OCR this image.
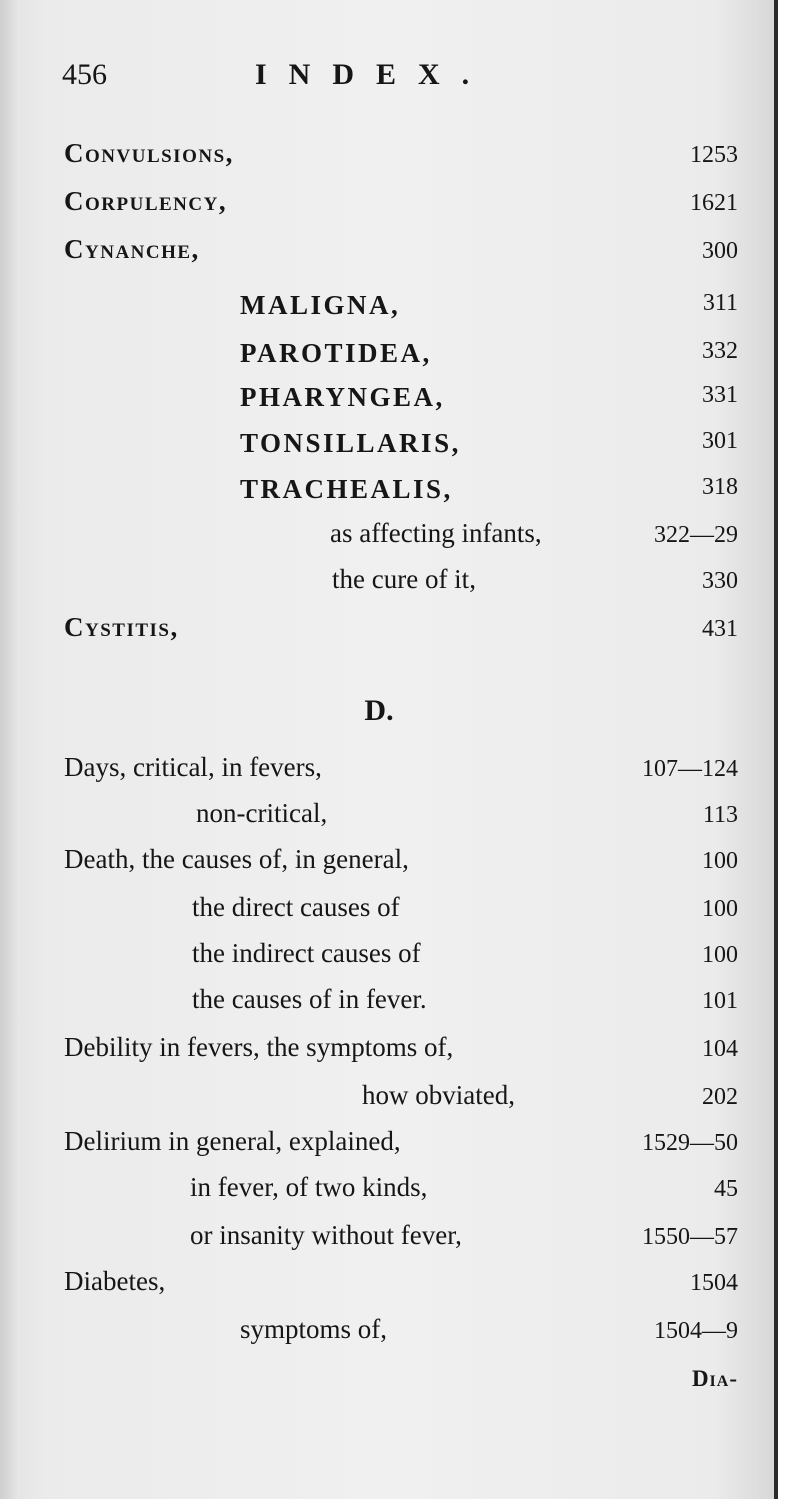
456	INDEX.
Convulsions,	1253
Corpulency,	1621
Cynanche,	300
MALIGNA,	311
PAROTIDEA,	332
PHARYNGEA,	331
TONSILLARIS,	301
TRACHEALIS,	318
as affecting infants,	322—29
the cure of it,	330
Cystitis,	431
D.
Days, critical, in fevers,	107—124
non-critical,	113
Death, the causes of, in general,	100
the direct causes of	100
the indirect causes of	100
the causes of in fever.	101
Debility in fevers, the symptoms of,	104
how obviated,	202
Delirium in general, explained,	1529—50
in fever, of two kinds,	45
or insanity without fever,	1550—57
Diabetes,	1504
symptoms of,	1504—9
Dia-
